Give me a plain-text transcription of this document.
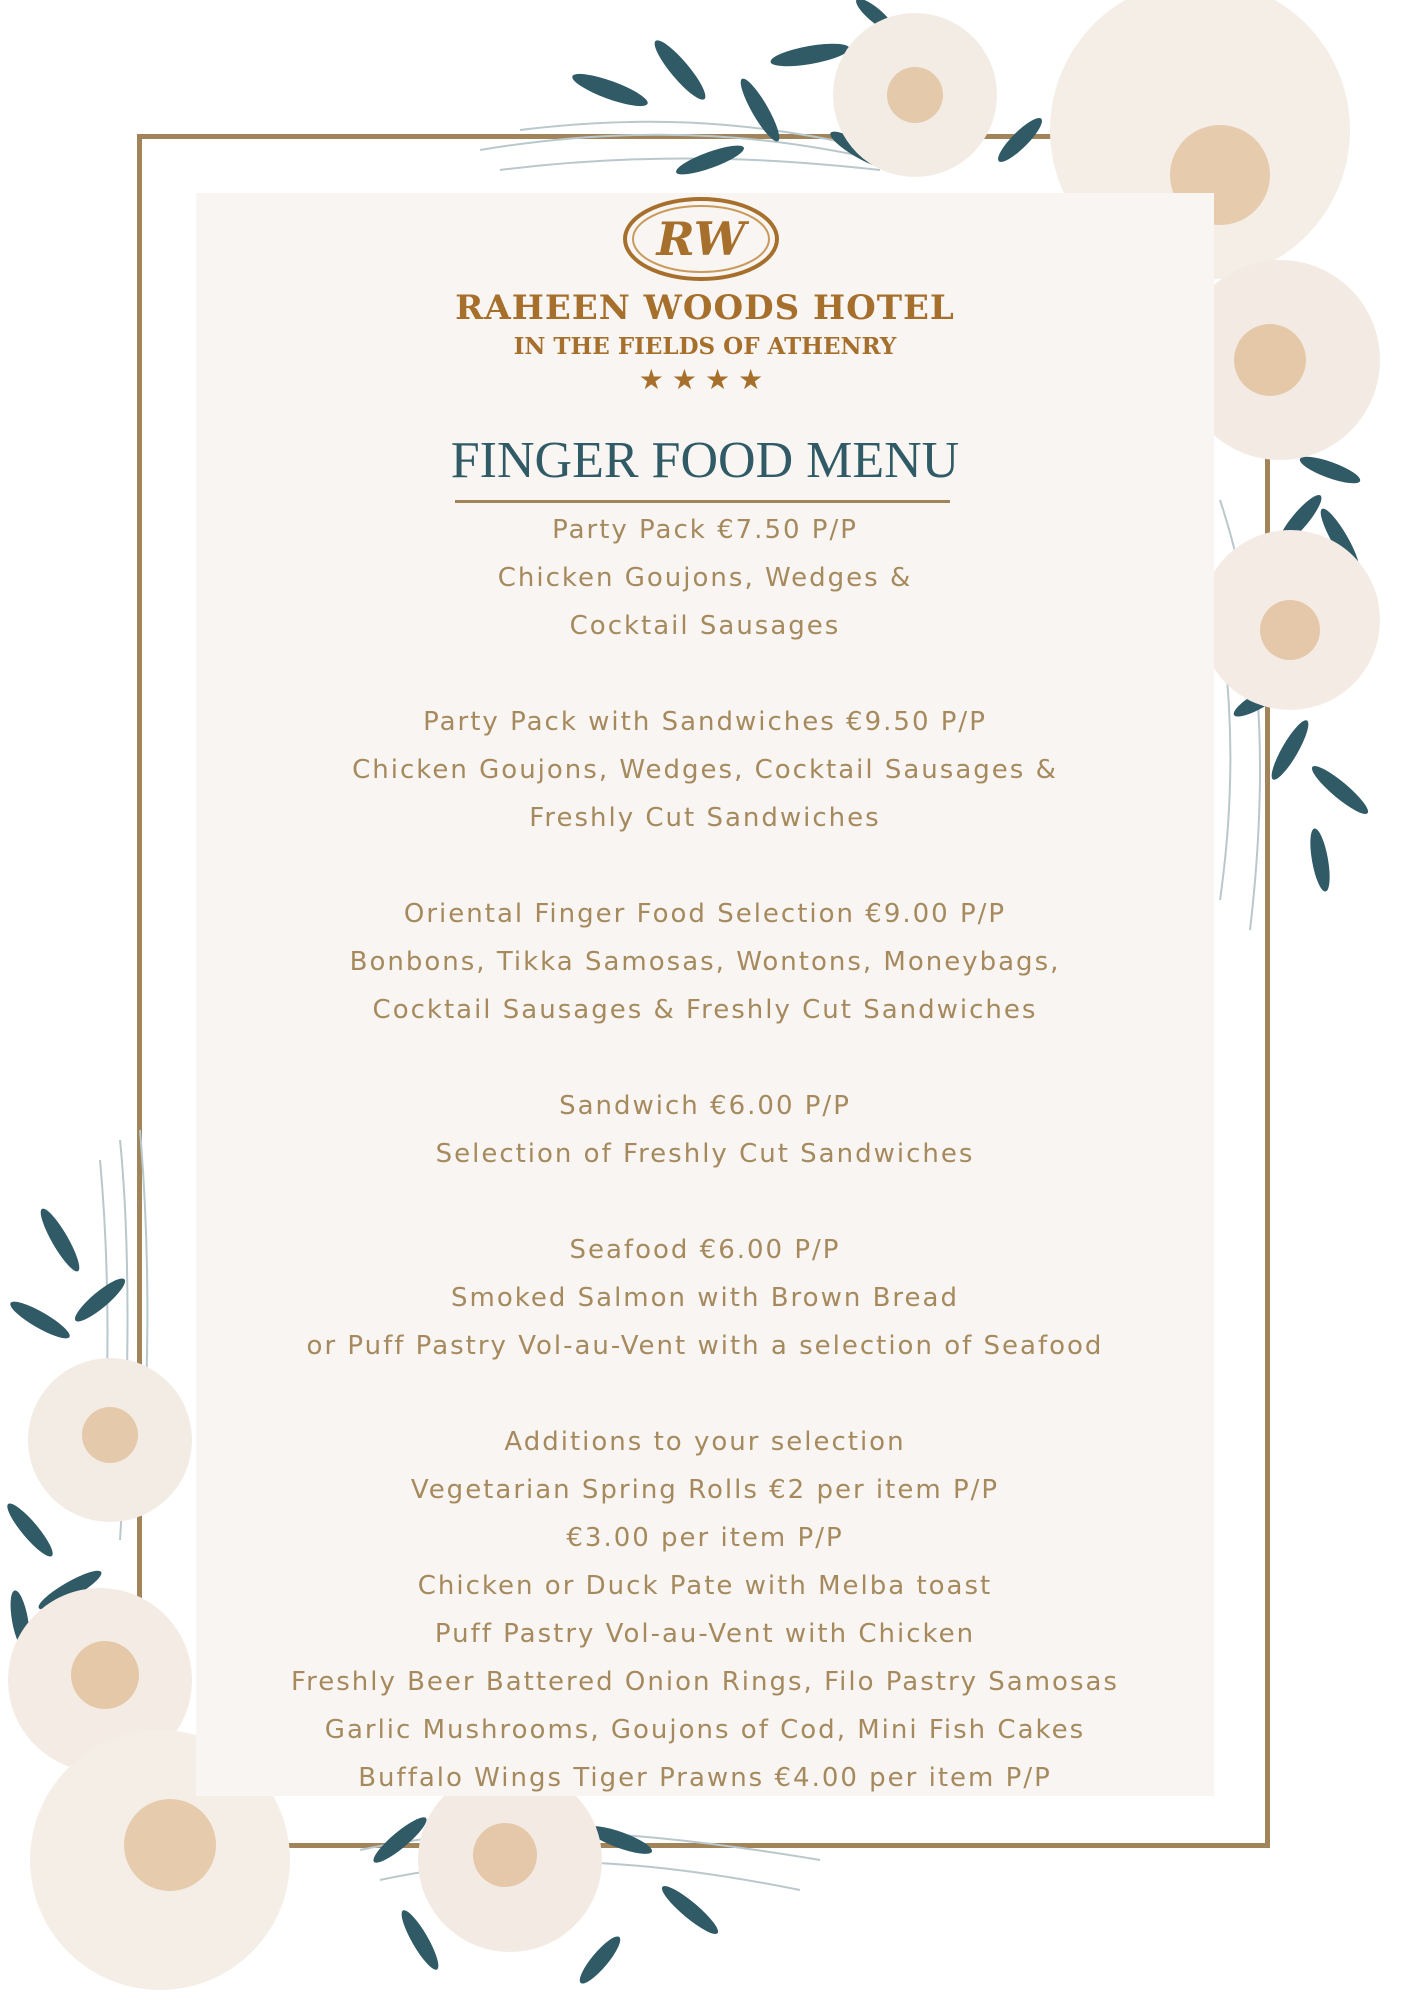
RW
RAHEEN WOODS HOTEL
IN THE FIELDS OF ATHENRY
★★★★
FINGER FOOD MENU
Party Pack €7.50 P/P
Chicken Goujons, Wedges &
Cocktail Sausages
Party Pack with Sandwiches €9.50 P/P
Chicken Goujons, Wedges, Cocktail Sausages &
Freshly Cut Sandwiches
Oriental Finger Food Selection €9.00 P/P
Bonbons, Tikka Samosas, Wontons, Moneybags,
Cocktail Sausages & Freshly Cut Sandwiches
Sandwich €6.00 P/P
Selection of Freshly Cut Sandwiches
Seafood €6.00 P/P
Smoked Salmon with Brown Bread
or Puff Pastry Vol-au-Vent with a selection of Seafood
Additions to your selection
Vegetarian Spring Rolls €2 per item P/P
€3.00 per item P/P
Chicken or Duck Pate with Melba toast
Puff Pastry Vol-au-Vent with Chicken
Freshly Beer Battered Onion Rings, Filo Pastry Samosas
Garlic Mushrooms, Goujons of Cod, Mini Fish Cakes
Buffalo Wings Tiger Prawns €4.00 per item P/P
